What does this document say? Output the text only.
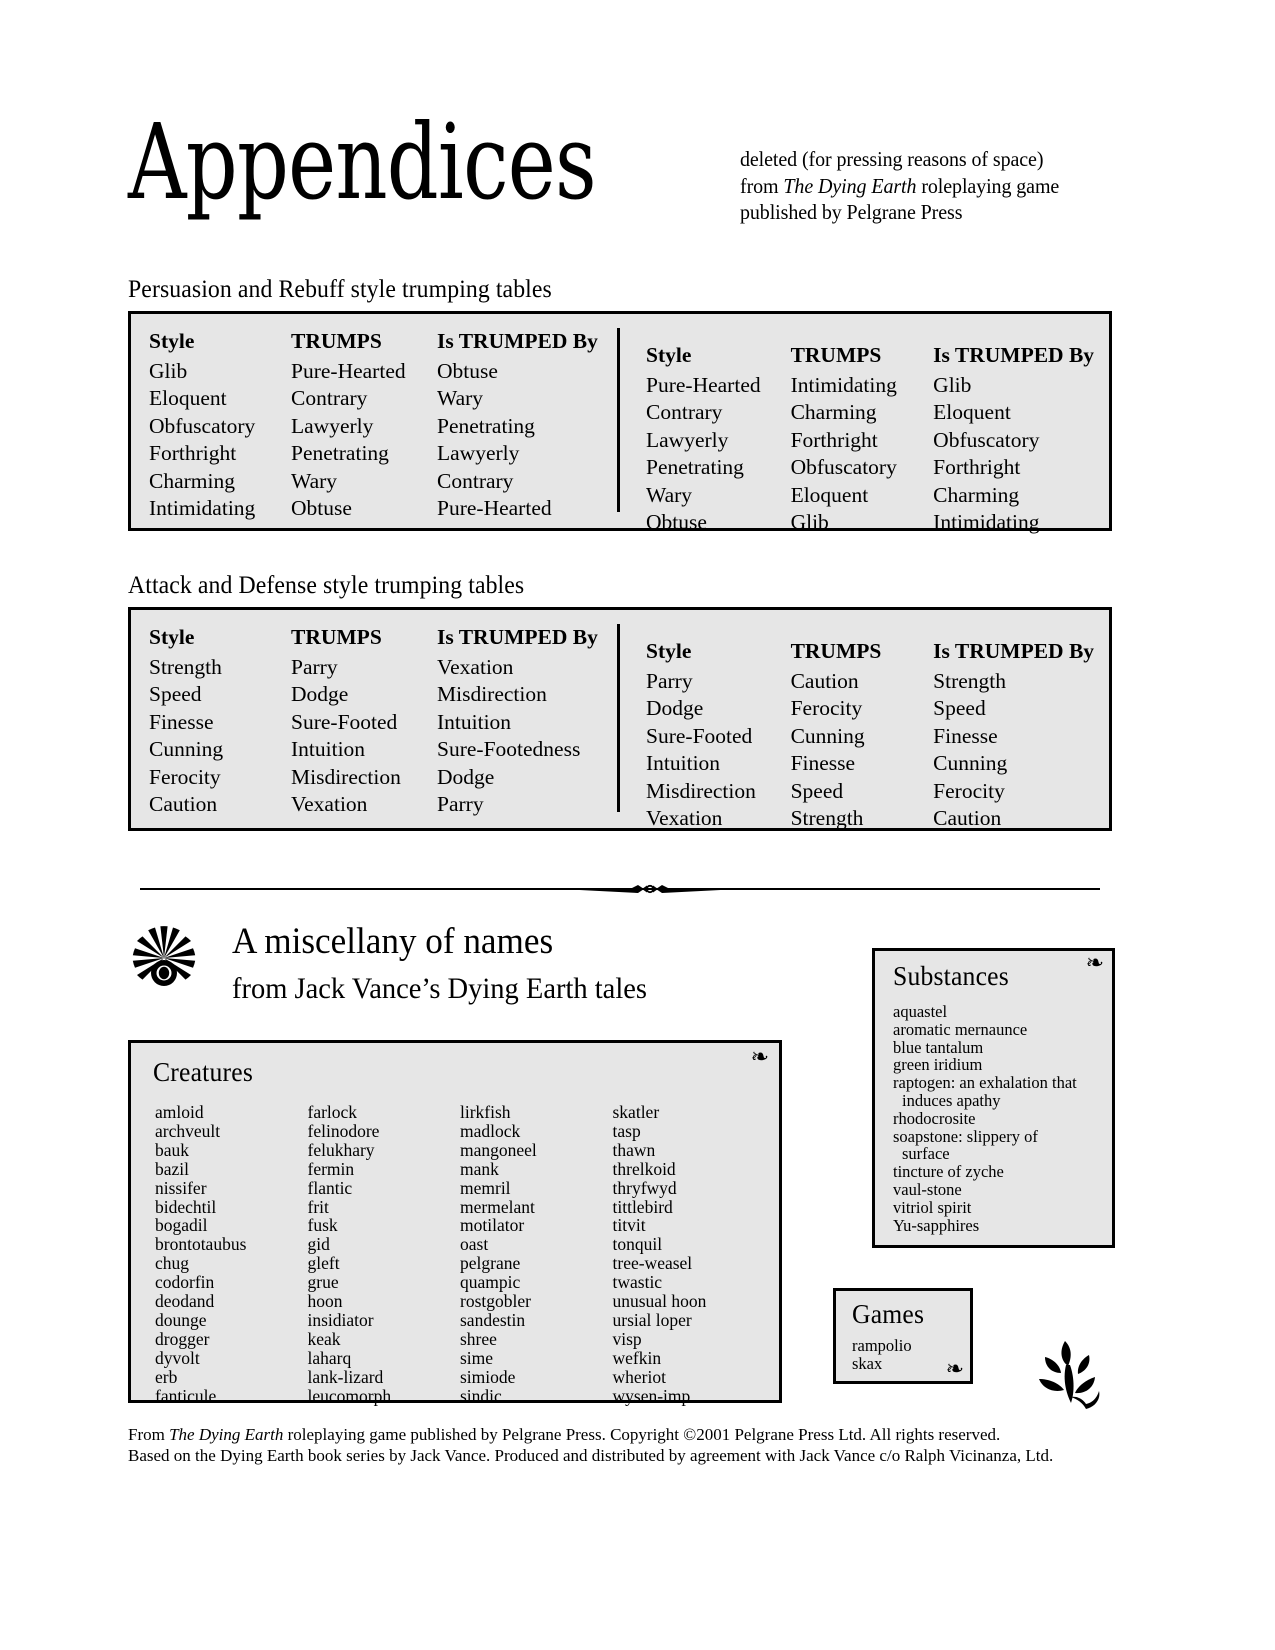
Appendices	deleted (for pressing reasons of space)
from The Dying Earth roleplaying game
published by Pelgrane Press
Persuasion and Rebuff style trumping tables
Style	TRUMPS	Is TRUMPED By
Glib	Pure-Hearted	Obtuse
Eloquent	Contrary	Wary
Obfuscatory	Lawyerly	Penetrating
Forthright	Penetrating	Lawyerly
Charming	Wary	Contrary
Intimidating	Obtuse	Pure-Hearted
Style	TRUMPS	Is TRUMPED By
Pure-Hearted	Intimidating	Glib
Contrary	Charming	Eloquent
Lawyerly	Forthright	Obfuscatory
Penetrating	Obfuscatory	Forthright
Wary	Eloquent	Charming
Obtuse	Glib	Intimidating
Attack and Defense style trumping tables
Style	TRUMPS	Is TRUMPED By
Strength	Parry	Vexation
Speed	Dodge	Misdirection
Finesse	Sure-Footed	Intuition
Cunning	Intuition	Sure-Footedness
Ferocity	Misdirection	Dodge
Caution	Vexation	Parry
Style	TRUMPS	Is TRUMPED By
Parry	Caution	Strength
Dodge	Ferocity	Speed
Sure-Footed	Cunning	Finesse
Intuition	Finesse	Cunning
Misdirection	Speed	Ferocity
Vexation	Strength	Caution
A miscellany of names
from Jack Vance’s Dying Earth tales
Creatures	❧
amloid
archveult
bauk
bazil
nissifer
bidechtil
bogadil
brontotaubus
chug
codorfin
deodand
dounge
drogger
dyvolt
erb
fanticule
farlock
felinodore
felukhary
fermin
flantic
frit
fusk
gid
gleft
grue
hoon
insidiator
keak
laharq
lank-lizard
leucomorph
lirkfish
madlock
mangoneel
mank
memril
mermelant
motilator
oast
pelgrane
quampic
rostgobler
sandestin
shree
sime
simiode
sindic
skatler
tasp
thawn
threlkoid
thryfwyd
tittlebird
titvit
tonquil
tree-weasel
twastic
unusual hoon
ursial loper
visp
wefkin
wheriot
wysen-imp
Substances	❧
aquastel
aromatic mernaunce
blue tantalum
green iridium
raptogen: an exhalation that
induces apathy
rhodocrosite
soapstone: slippery of
surface
tincture of zyche
vaul-stone
vitriol spirit
Yu-sapphires
Games
❧
rampolio
skax
From The Dying Earth roleplaying game published by Pelgrane Press. Copyright ©2001 Pelgrane Press Ltd. All rights reserved.
Based on the Dying Earth book series by Jack Vance. Produced and distributed by agreement with Jack Vance c/o Ralph Vicinanza, Ltd.
